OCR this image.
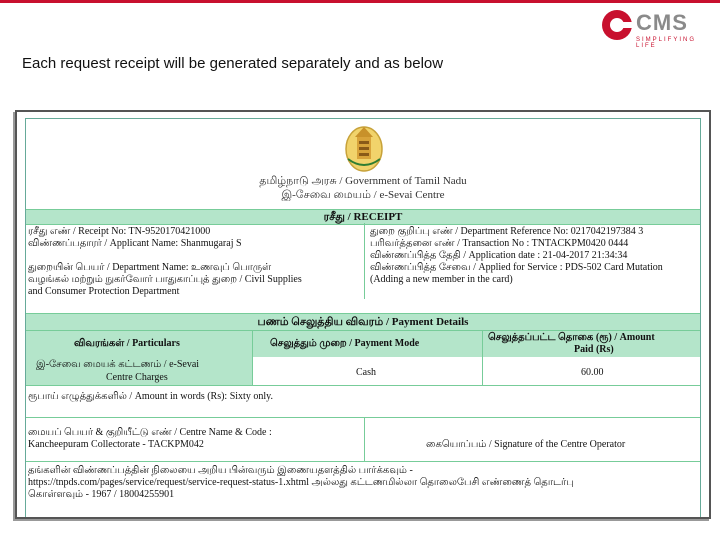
CMS
SIMPLIFYING LIFE
Each request receipt will be generated separately and as below
தமிழ்நாடு அரசு / Government of Tamil Nadu
இ-சேவை மையம் / e-Sevai Centre
ரசீது / RECEIPT
ரசீது எண் / Receipt No: TN-9520170421000
விண்ணப்பதாரர் / Applicant Name: Shanmugaraj S
துறையின் பெயர் / Department Name: உணவுப் பொருள்
வழங்கல் மற்றும் நுகர்வோர் பாதுகாப்புத் துறை / Civil Supplies
and Consumer Protection Department
துறை குறிப்பு எண் / Department Reference No: 0217042197384 3
பரிவர்த்தனை எண் / Transaction No : TNTACKPM0420 0444
விண்ணப்பித்த தேதி / Application date : 21-04-2017 21:34:34
விண்ணப்பித்த சேவை / Applied for Service : PDS-502 Card Mutation
(Adding a new member in the card)
பணம் செலுத்திய விவரம் / Payment Details
விவரங்கள் / Particulars	செலுத்தும் முறை / Payment Mode
செலுத்தப்பட்ட தொகை (ரூ) / Amount
Paid (Rs)
இ-சேவை மையக் கட்டணம் / e-Sevai
Centre Charges	Cash	60.00
ரூபாய் எழுத்துக்களில் / Amount in words (Rs): Sixty only.
மையப் பெயர் & குறியீட்டு எண் / Centre Name & Code :
Kancheepuram Collectorate - TACKPM042	கையொப்பம் / Signature of the Centre Operator
தங்களின் விண்ணப்பத்தின் நிலையை அறிய பின்வரும் இணையதளத்தில் பார்க்கவும் -
https://tnpds.com/pages/service/request/service-request-status-1.xhtml அல்லது கட்டணமில்லா தொலைபேசி எண்ணைத் தொடர்பு
கொள்ளவும் - 1967 / 18004255901
